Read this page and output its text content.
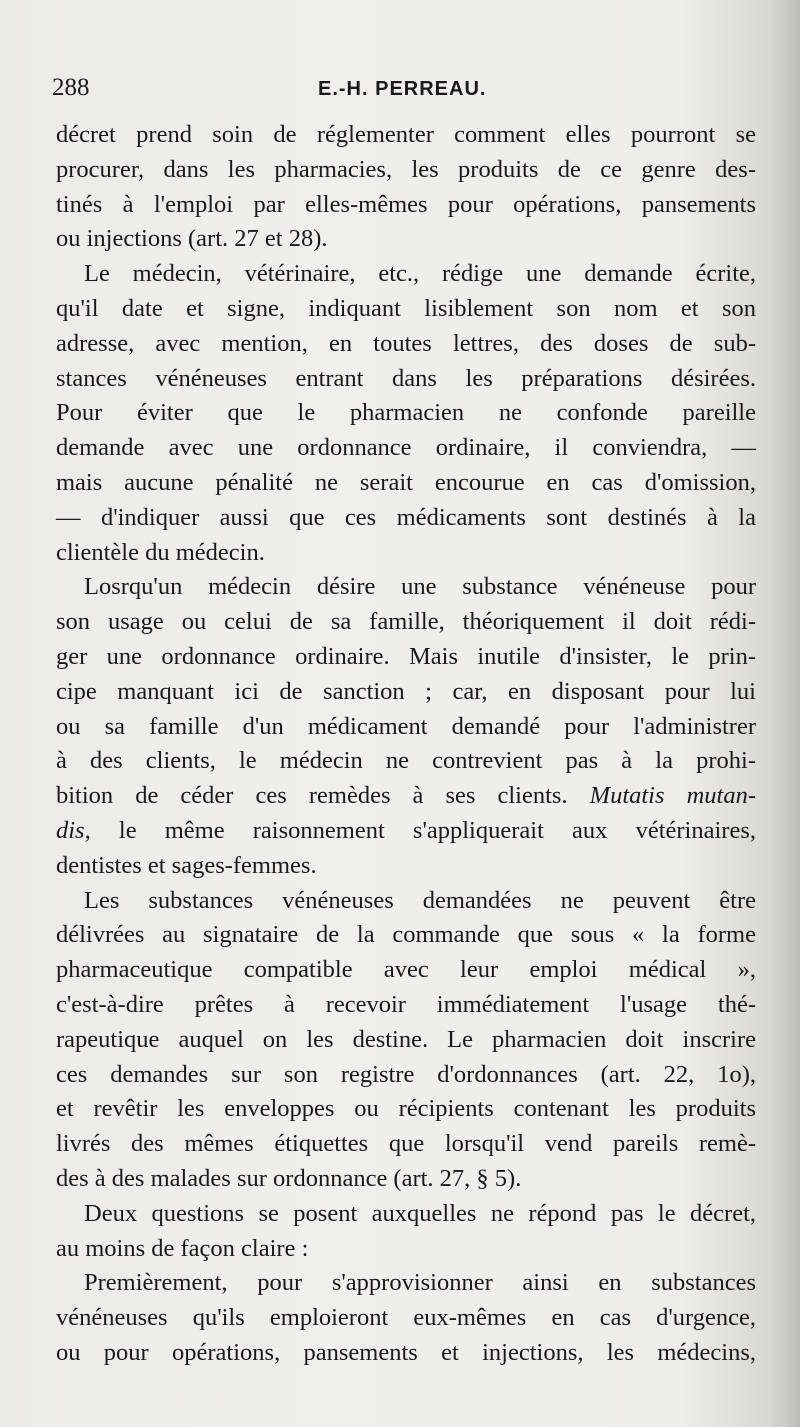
288	E.-H. PERREAU.
décret prend soin de réglementer comment elles pourront se
procurer, dans les pharmacies, les produits de ce genre des-
tinés à l'emploi par elles-mêmes pour opérations, pansements
ou injections (art. 27 et 28).
Le médecin, vétérinaire, etc., rédige une demande écrite,
qu'il date et signe, indiquant lisiblement son nom et son
adresse, avec mention, en toutes lettres, des doses de sub-
stances vénéneuses entrant dans les préparations désirées.
Pour éviter que le pharmacien ne confonde pareille
demande avec une ordonnance ordinaire, il conviendra, —
mais aucune pénalité ne serait encourue en cas d'omission,
— d'indiquer aussi que ces médicaments sont destinés à la
clientèle du médecin.
Losrqu'un médecin désire une substance vénéneuse pour
son usage ou celui de sa famille, théoriquement il doit rédi-
ger une ordonnance ordinaire. Mais inutile d'insister, le prin-
cipe manquant ici de sanction ; car, en disposant pour lui
ou sa famille d'un médicament demandé pour l'administrer
à des clients, le médecin ne contrevient pas à la prohi-
bition de céder ces remèdes à ses clients. Mutatis mutan-
dis, le même raisonnement s'appliquerait aux vétérinaires,
dentistes et sages-femmes.
Les substances vénéneuses demandées ne peuvent être
délivrées au signataire de la commande que sous « la forme
pharmaceutique compatible avec leur emploi médical »,
c'est-à-dire prêtes à recevoir immédiatement l'usage thé-
rapeutique auquel on les destine. Le pharmacien doit inscrire
ces demandes sur son registre d'ordonnances (art. 22, 1o),
et revêtir les enveloppes ou récipients contenant les produits
livrés des mêmes étiquettes que lorsqu'il vend pareils remè-
des à des malades sur ordonnance (art. 27, § 5).
Deux questions se posent auxquelles ne répond pas le décret,
au moins de façon claire :
Premièrement, pour s'approvisionner ainsi en substances
vénéneuses qu'ils emploieront eux-mêmes en cas d'urgence,
ou pour opérations, pansements et injections, les médecins,
